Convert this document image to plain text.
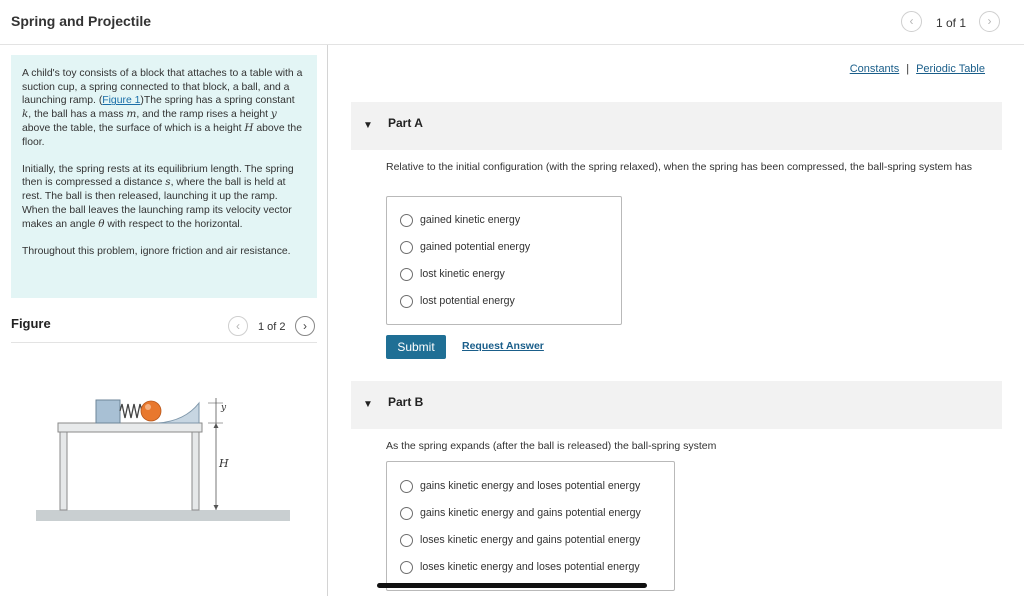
Spring and Projectile	‹	1 of 1	›

A child's toy consists of a block that attaches to a table with a suction cup, a spring connected to that block, a ball, and a launching ramp. (Figure 1)The spring has a spring constant k, the ball has a mass m, and the ramp rises a height y above the table, the surface of which is a height H above the floor.

Initially, the spring rests at its equilibrium length. The spring then is compressed a distance s, where the ball is held at rest. The ball is then released, launching it up the ramp. When the ball leaves the launching ramp its velocity vector makes an angle θ with respect to the horizontal.

Throughout this problem, ignore friction and air resistance.

Figure	‹	1 of 2	›
y
H
Constants | Periodic Table
▼ Part A
Relative to the initial configuration (with the spring relaxed), when the spring has been compressed, the ball-spring system has
gained kinetic energy
gained potential energy
lost kinetic energy
lost potential energy
Submit	Request Answer
▼ Part B
As the spring expands (after the ball is released) the ball-spring system
gains kinetic energy and loses potential energy
gains kinetic energy and gains potential energy
loses kinetic energy and gains potential energy
loses kinetic energy and loses potential energy
